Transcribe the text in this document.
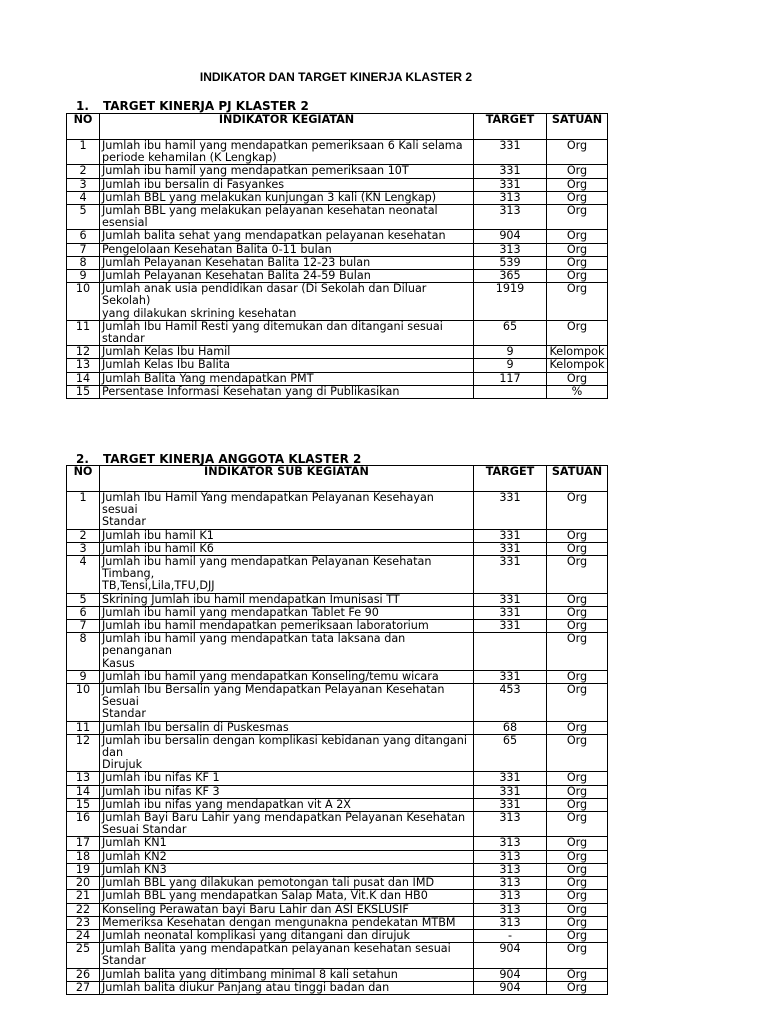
INDIKATOR DAN TARGET KINERJA KLASTER 2
1. TARGET KINERJA PJ KLASTER 2
NO	INDIKATOR KEGIATAN	TARGET	SATUAN
1	Jumlah ibu hamil yang mendapatkan pemeriksaan 6 Kali selama
periode kehamilan (K Lengkap)	331	Org
2	Jumlah ibu hamil yang mendapatkan pemeriksaan 10T	331	Org
3	Jumlah ibu bersalin di Fasyankes	331	Org
4	Jumlah BBL yang melakukan kunjungan 3 kali (KN Lengkap)	313	Org
5	Jumlah BBL yang melakukan pelayanan kesehatan neonatal esensial	313	Org
6	Jumlah balita sehat yang mendapatkan pelayanan kesehatan	904	Org
7	Pengelolaan Kesehatan Balita 0-11 bulan	313	Org
8	Jumlah Pelayanan Kesehatan Balita 12-23 bulan	539	Org
9	Jumlah Pelayanan Kesehatan Balita 24-59 Bulan	365	Org
10	Jumlah anak usia pendidikan dasar (Di Sekolah dan Diluar Sekolah)
yang dilakukan skrining kesehatan	1919	Org
11	Jumlah Ibu Hamil Resti yang ditemukan dan ditangani sesuai standar	65	Org
12	Jumlah Kelas Ibu Hamil	9	Kelompok
13	Jumlah Kelas Ibu Balita	9	Kelompok
14	Jumlah Balita Yang mendapatkan PMT	117	Org
15	Persentase Informasi Kesehatan yang di Publikasikan		%
2. TARGET KINERJA ANGGOTA KLASTER 2
NO	INDIKATOR SUB KEGIATAN	TARGET	SATUAN
1	Jumlah Ibu Hamil Yang mendapatkan Pelayanan Kesehayan sesuai
Standar	331	Org
2	Jumlah ibu hamil K1	331	Org
3	Jumlah ibu hamil K6	331	Org
4	Jumlah ibu hamil yang mendapatkan Pelayanan Kesehatan Timbang,
TB,Tensi,Lila,TFU,DJJ	331	Org
5	Skrining Jumlah ibu hamil mendapatkan Imunisasi TT	331	Org
6	Jumlah ibu hamil yang mendapatkan Tablet Fe 90	331	Org
7	Jumlah ibu hamil mendapatkan pemeriksaan laboratorium	331	Org
8	Jumlah ibu hamil yang mendapatkan tata laksana dan penanganan
Kasus		Org
9	Jumlah ibu hamil yang mendapatkan Konseling/temu wicara	331	Org
10	Jumlah Ibu Bersalin yang Mendapatkan Pelayanan Kesehatan Sesuai
Standar	453	Org
11	Jumlah Ibu bersalin di Puskesmas	68	Org
12	Jumlah ibu bersalin dengan komplikasi kebidanan yang ditangani dan
Dirujuk	65	Org
13	Jumlah ibu nifas KF 1	331	Org
14	Jumlah ibu nifas KF 3	331	Org
15	Jumlah ibu nifas yang mendapatkan vit A 2X	331	Org
16	Jumlah Bayi Baru Lahir yang mendapatkan Pelayanan Kesehatan
Sesuai Standar	313	Org
17	Jumlah KN1	313	Org
18	Jumlah KN2	313	Org
19	Jumlah KN3	313	Org
20	Jumlah BBL yang dilakukan pemotongan tali pusat dan IMD	313	Org
21	Jumlah BBL yang mendapatkan Salap Mata, Vit.K dan HB0	313	Org
22	Konseling Perawatan bayi Baru Lahir dan ASI EKSLUSIF	313	Org
23	Memeriksa Kesehatan dengan mengunakna pendekatan MTBM	313	Org
24	Jumlah neonatal komplikasi yang ditangani dan dirujuk	-	Org
25	Jumlah Balita yang mendapatkan pelayanan kesehatan sesuai Standar	904	Org
26	Jumlah balita yang ditimbang minimal 8 kali setahun	904	Org
27	Jumlah balita diukur Panjang atau tinggi badan dan	904	Org
